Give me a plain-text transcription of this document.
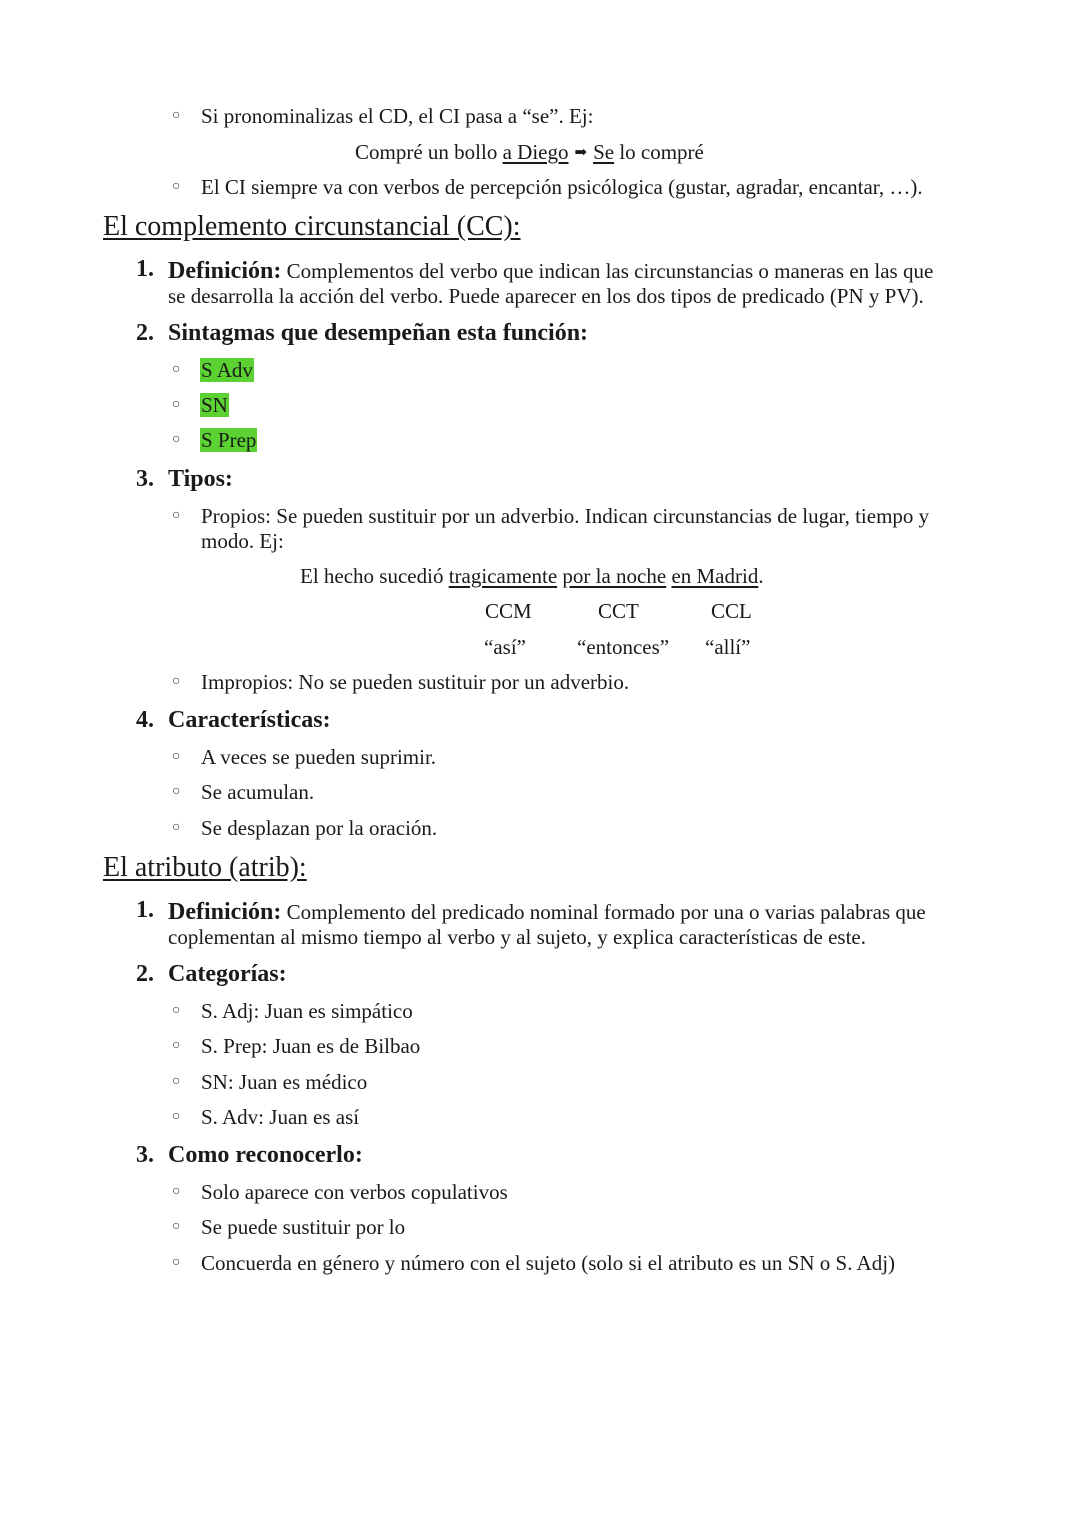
○ Si pronominalizas el CD, el CI pasa a “se”. Ej:
Compré un bollo a Diego ➡ Se lo compré
○ El CI siempre va con verbos de percepción psicólogica (gustar, agradar, encantar, …).
El complemento circunstancial (CC):
1. Definición: Complementos del verbo que indican las circunstancias o maneras en las que
se desarrolla la acción del verbo. Puede aparecer en los dos tipos de predicado (PN y PV).
2. Sintagmas que desempeñan esta función:
○ S Adv
○ SN
○ S Prep
3. Tipos:
○ Propios: Se pueden sustituir por un adverbio. Indican circunstancias de lugar, tiempo y
modo. Ej:
El hecho sucedió tragicamente por la noche en Madrid.
CCM	CCT	CCL
“así” “entonces” “allí”
○ Impropios: No se pueden sustituir por un adverbio.
4. Características:
○ A veces se pueden suprimir.
○ Se acumulan.
○ Se desplazan por la oración.
El atributo (atrib):
1. Definición: Complemento del predicado nominal formado por una o varias palabras que
coplementan al mismo tiempo al verbo y al sujeto, y explica características de este.
2. Categorías:
○ S. Adj: Juan es simpático
○ S. Prep: Juan es de Bilbao
○ SN: Juan es médico
○ S. Adv: Juan es así
3. Como reconocerlo:
○ Solo aparece con verbos copulativos
○ Se puede sustituir por lo
○ Concuerda en género y número con el sujeto (solo si el atributo es un SN o S. Adj)
